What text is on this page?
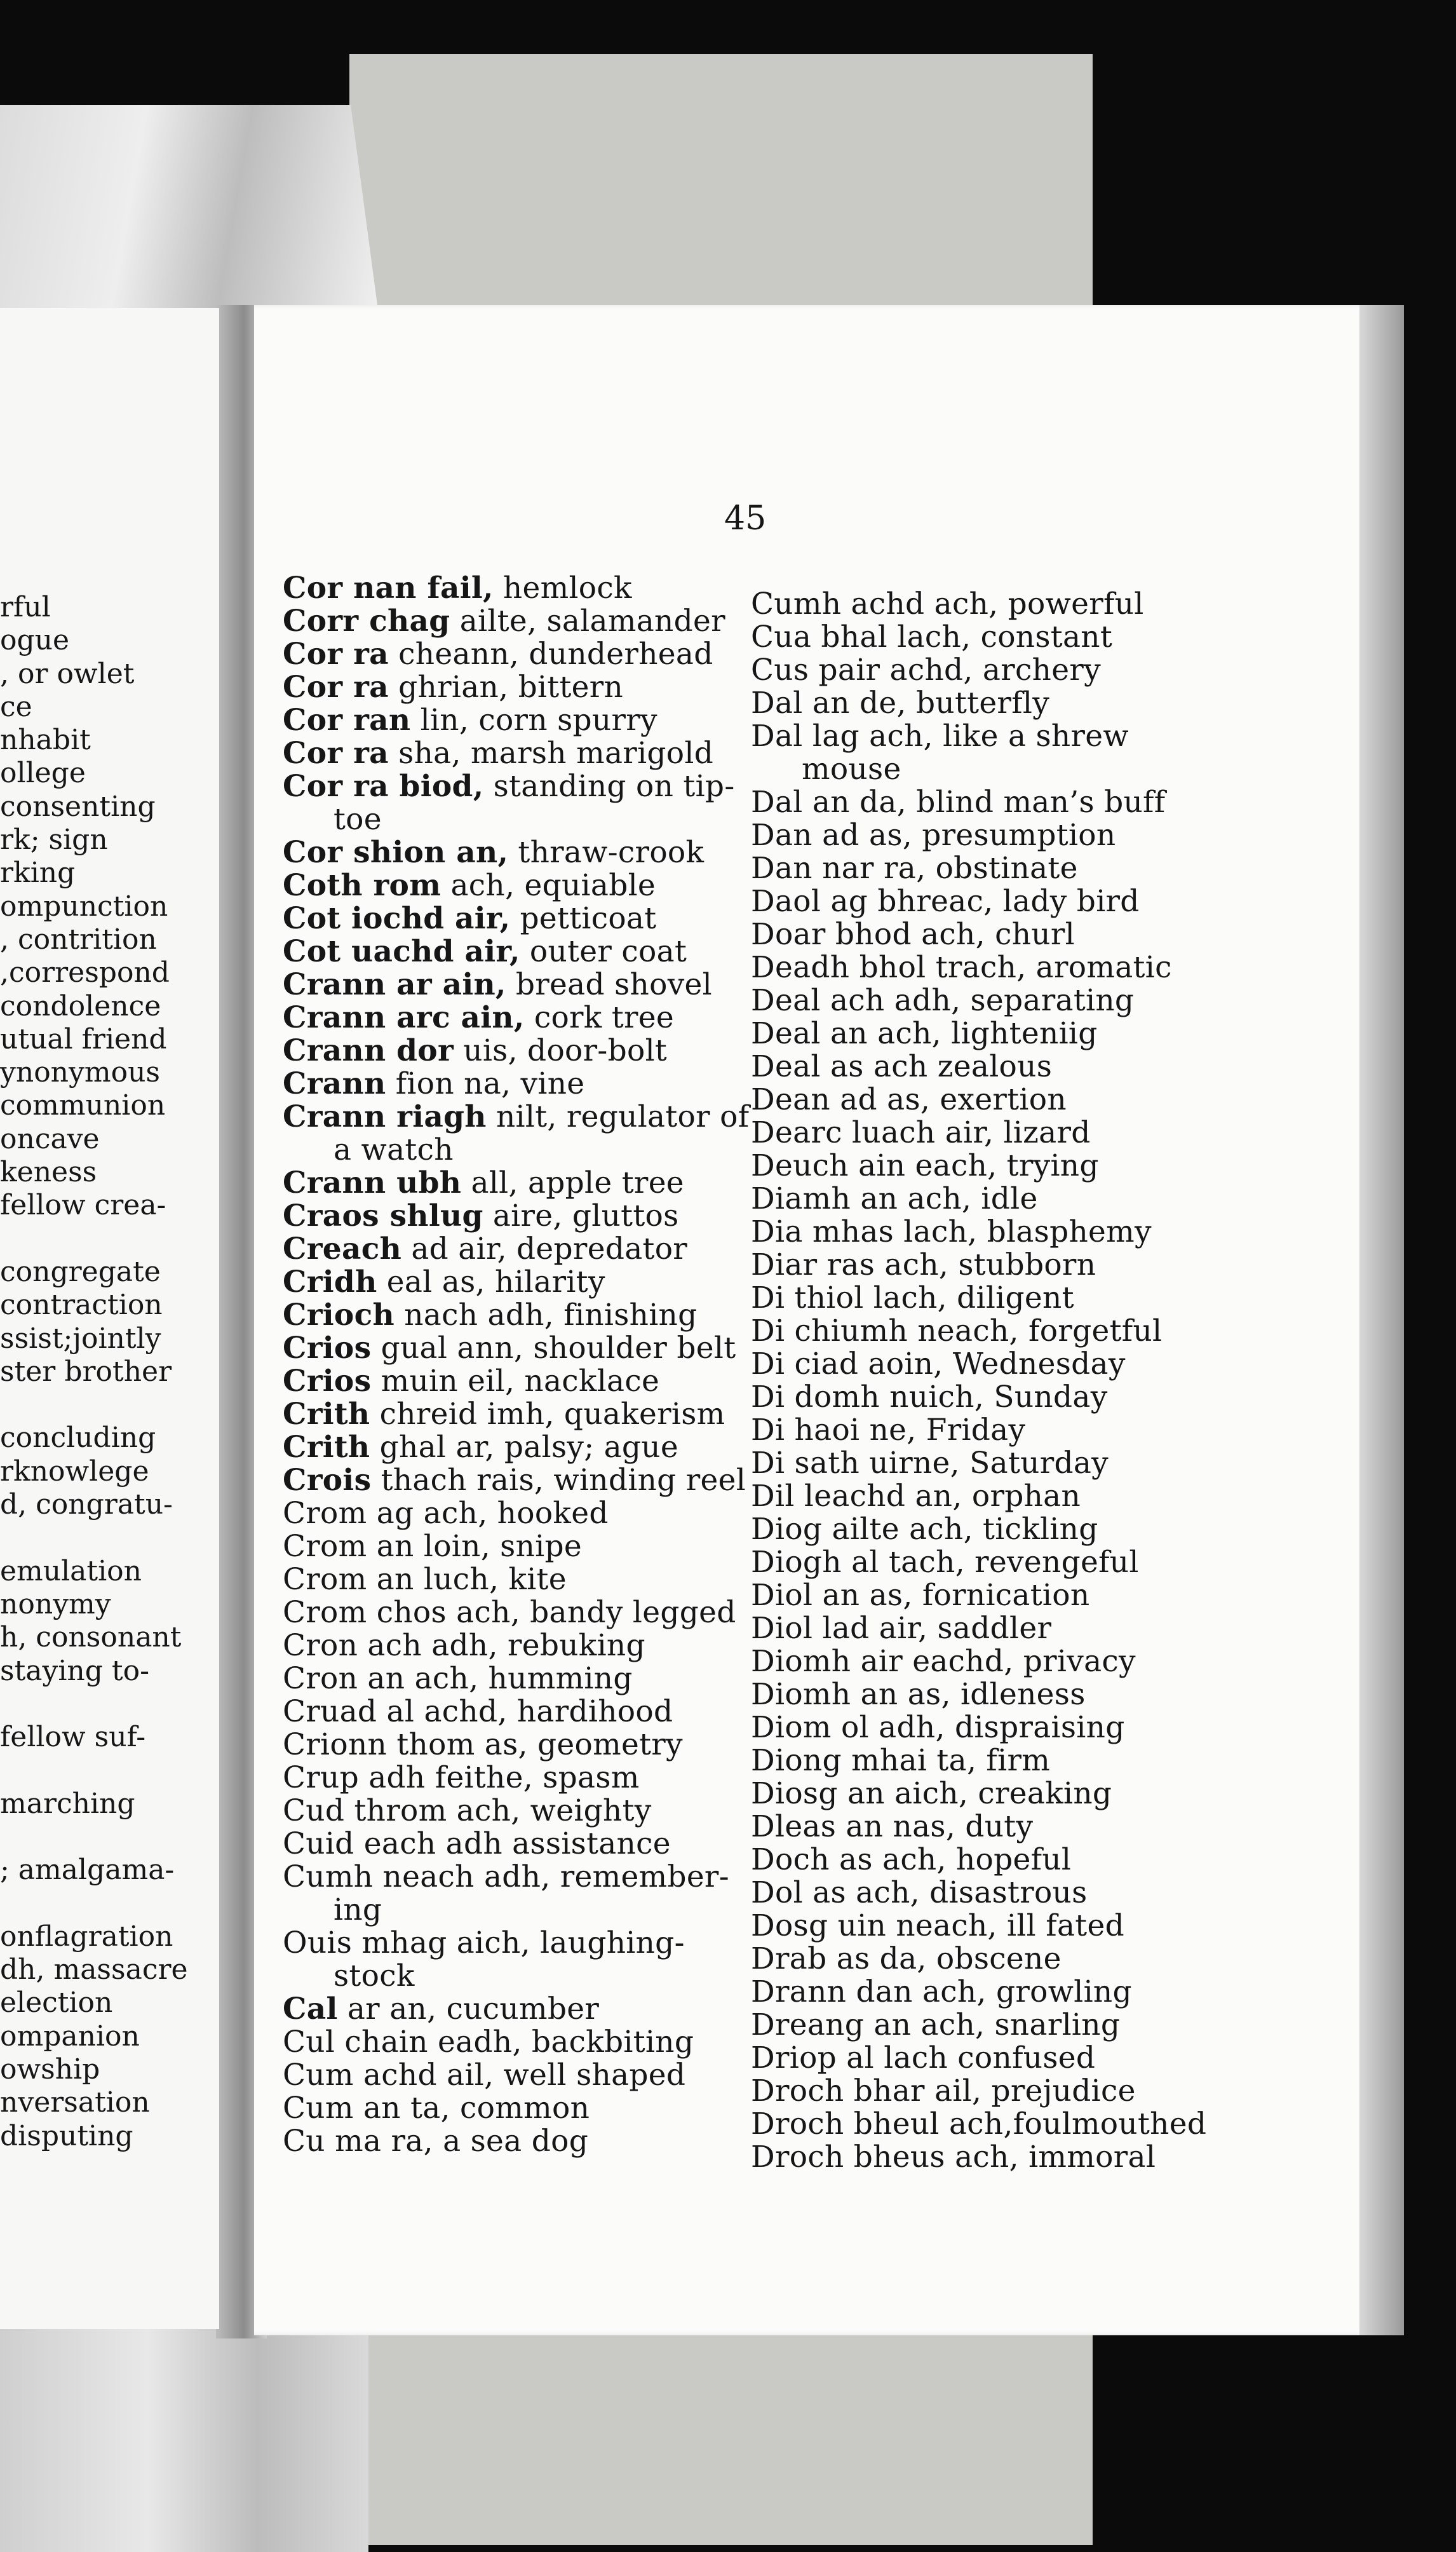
rful
ogue
, or owlet
ce
nhabit
ollege
consenting
rk; sign
rking
ompunction
, contrition
,correspond
condolence
utual friend
ynonymous
communion
oncave
keness
fellow crea-
congregate
contraction
ssist;jointly
ster brother
concluding
rknowlege
d, congratu-
emulation
nonymy
h, consonant
staying to-
fellow suf-
marching
; amalgama-
onflagration
dh, massacre
election
ompanion
owship
nversation
disputing
45
Cor nan fail, hemlock
Corr chag ailte, salamander
Cor ra cheann, dunderhead
Cor ra ghrian, bittern
Cor ran lin, corn spurry
Cor ra sha, marsh marigold
Cor ra biod, standing on tip-
toe
Cor shion an, thraw-crook
Coth rom ach, equiable
Cot iochd air, petticoat
Cot uachd air, outer coat
Crann ar ain, bread shovel
Crann arc ain, cork tree
Crann dor uis, door-bolt
Crann fion na, vine
Crann riagh nilt, regulator of
a watch
Crann ubh all, apple tree
Craos shlug aire, gluttos
Creach ad air, depredator
Cridh eal as, hilarity
Crioch nach adh, finishing
Crios gual ann, shoulder belt
Crios muin eil, nacklace
Crith chreid imh, quakerism
Crith ghal ar, palsy; ague
Crois thach rais, winding reel
Crom ag ach, hooked
Crom an loin, snipe
Crom an luch, kite
Crom chos ach, bandy legged
Cron ach adh, rebuking
Cron an ach, humming
Cruad al achd, hardihood
Crionn thom as, geometry
Crup adh feithe, spasm
Cud throm ach, weighty
Cuid each adh assistance
Cumh neach adh, remember-
ing
Ouis mhag aich, laughing-
stock
Cal ar an, cucumber
Cul chain eadh, backbiting
Cum achd ail, well shaped
Cum an ta, common
Cu ma ra, a sea dog
Cumh achd ach, powerful
Cua bhal lach, constant
Cus pair achd, archery
Dal an de, butterfly
Dal lag ach, like a shrew
mouse
Dal an da, blind man’s buff
Dan ad as, presumption
Dan nar ra, obstinate
Daol ag bhreac, lady bird
Doar bhod ach, churl
Deadh bhol trach, aromatic
Deal ach adh, separating
Deal an ach, lighteniig
Deal as ach zealous
Dean ad as, exertion
Dearc luach air, lizard
Deuch ain each, trying
Diamh an ach, idle
Dia mhas lach, blasphemy
Diar ras ach, stubborn
Di thiol lach, diligent
Di chiumh neach, forgetful
Di ciad aoin, Wednesday
Di domh nuich, Sunday
Di haoi ne, Friday
Di sath uirne, Saturday
Dil leachd an, orphan
Diog ailte ach, tickling
Diogh al tach, revengeful
Diol an as, fornication
Diol lad air, saddler
Diomh air eachd, privacy
Diomh an as, idleness
Diom ol adh, dispraising
Diong mhai ta, firm
Diosg an aich, creaking
Dleas an nas, duty
Doch as ach, hopeful
Dol as ach, disastrous
Dosg uin neach, ill fated
Drab as da, obscene
Drann dan ach, growling
Dreang an ach, snarling
Driop al lach confused
Droch bhar ail, prejudice
Droch bheul ach,foulmouthed
Droch bheus ach, immoral
